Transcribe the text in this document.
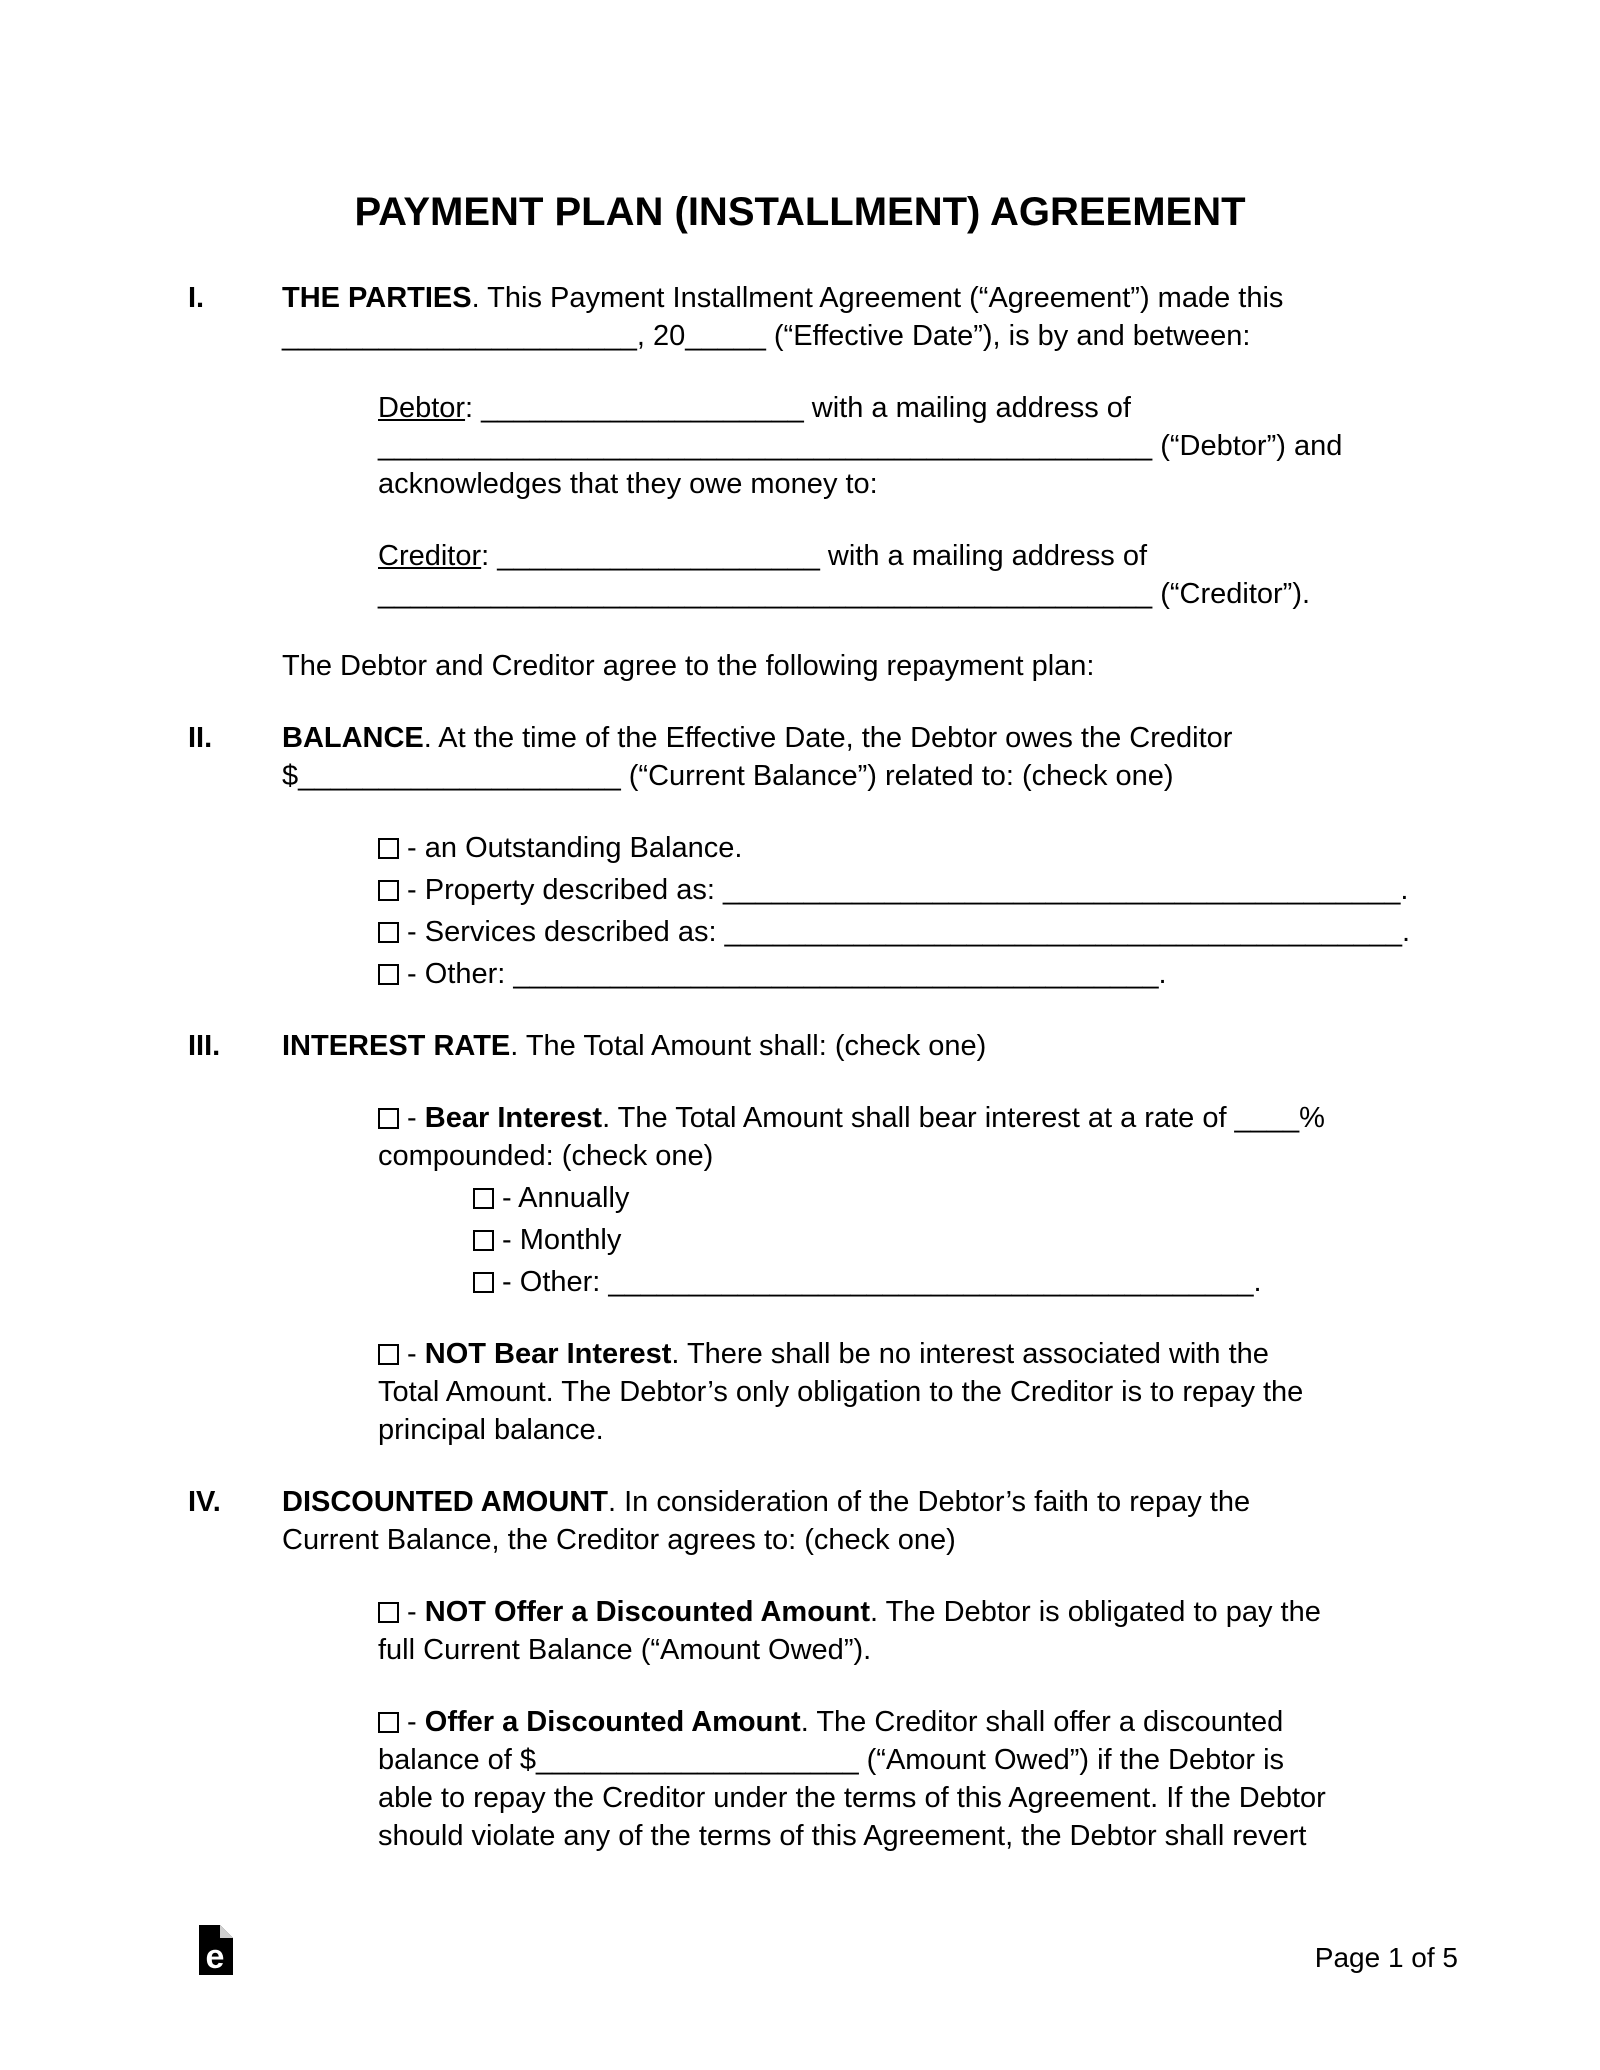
PAYMENT PLAN (INSTALLMENT) AGREEMENT
I.	THE PARTIES. This Payment Installment Agreement (“Agreement”) made this
______________________, 20_____ (“Effective Date”), is by and between:
Debtor: ____________________ with a mailing address of
________________________________________________ (“Debtor”) and
acknowledges that they owe money to:
Creditor: ____________________ with a mailing address of
________________________________________________ (“Creditor”).
The Debtor and Creditor agree to the following repayment plan:
II.	BALANCE. At the time of the Effective Date, the Debtor owes the Creditor
$____________________ (“Current Balance”) related to: (check one)
- an Outstanding Balance.
- Property described as: __________________________________________.
- Services described as: __________________________________________.
- Other: ________________________________________.
III.	INTEREST RATE. The Total Amount shall: (check one)
- Bear Interest. The Total Amount shall bear interest at a rate of ____%
compounded: (check one)
- Annually
- Monthly
- Other: ________________________________________.
- NOT Bear Interest. There shall be no interest associated with the
Total Amount. The Debtor’s only obligation to the Creditor is to repay the
principal balance.
IV.	DISCOUNTED AMOUNT. In consideration of the Debtor’s faith to repay the
Current Balance, the Creditor agrees to: (check one)
- NOT Offer a Discounted Amount. The Debtor is obligated to pay the
full Current Balance (“Amount Owed”).
- Offer a Discounted Amount. The Creditor shall offer a discounted
balance of $____________________ (“Amount Owed”) if the Debtor is
able to repay the Creditor under the terms of this Agreement. If the Debtor
should violate any of the terms of this Agreement, the Debtor shall revert
e	Page 1 of 5
